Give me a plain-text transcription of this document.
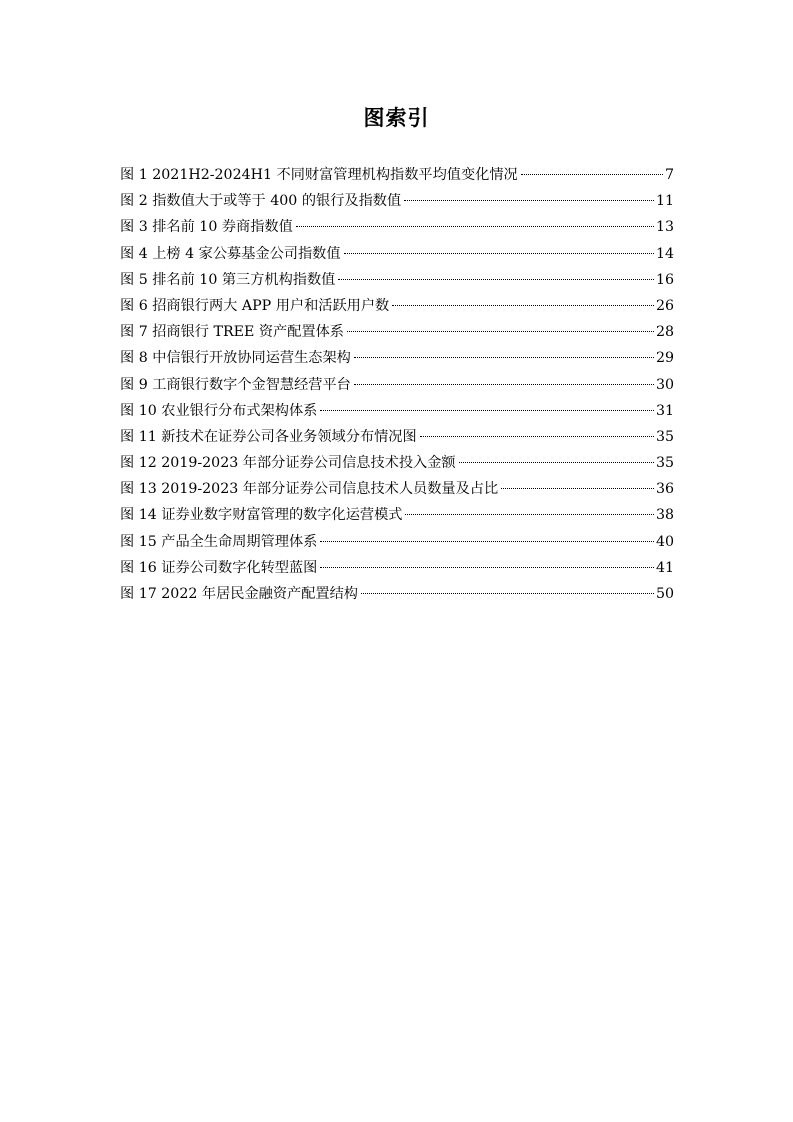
图索引
图 1 2021H2-2024H1 不同财富管理机构指数平均值变化情况	7
图 2 指数值大于或等于 400 的银行及指数值	11
图 3 排名前 10 券商指数值	13
图 4 上榜 4 家公募基金公司指数值	14
图 5 排名前 10 第三方机构指数值	16
图 6 招商银行两大 APP 用户和活跃用户数	26
图 7 招商银行 TREE 资产配置体系	28
图 8 中信银行开放协同运营生态架构	29
图 9 工商银行数字个金智慧经营平台	30
图 10 农业银行分布式架构体系	31
图 11 新技术在证券公司各业务领域分布情况图	35
图 12 2019-2023 年部分证券公司信息技术投入金额	35
图 13 2019-2023 年部分证券公司信息技术人员数量及占比	36
图 14 证券业数字财富管理的数字化运营模式	38
图 15 产品全生命周期管理体系	40
图 16 证券公司数字化转型蓝图	41
图 17 2022 年居民金融资产配置结构	50
